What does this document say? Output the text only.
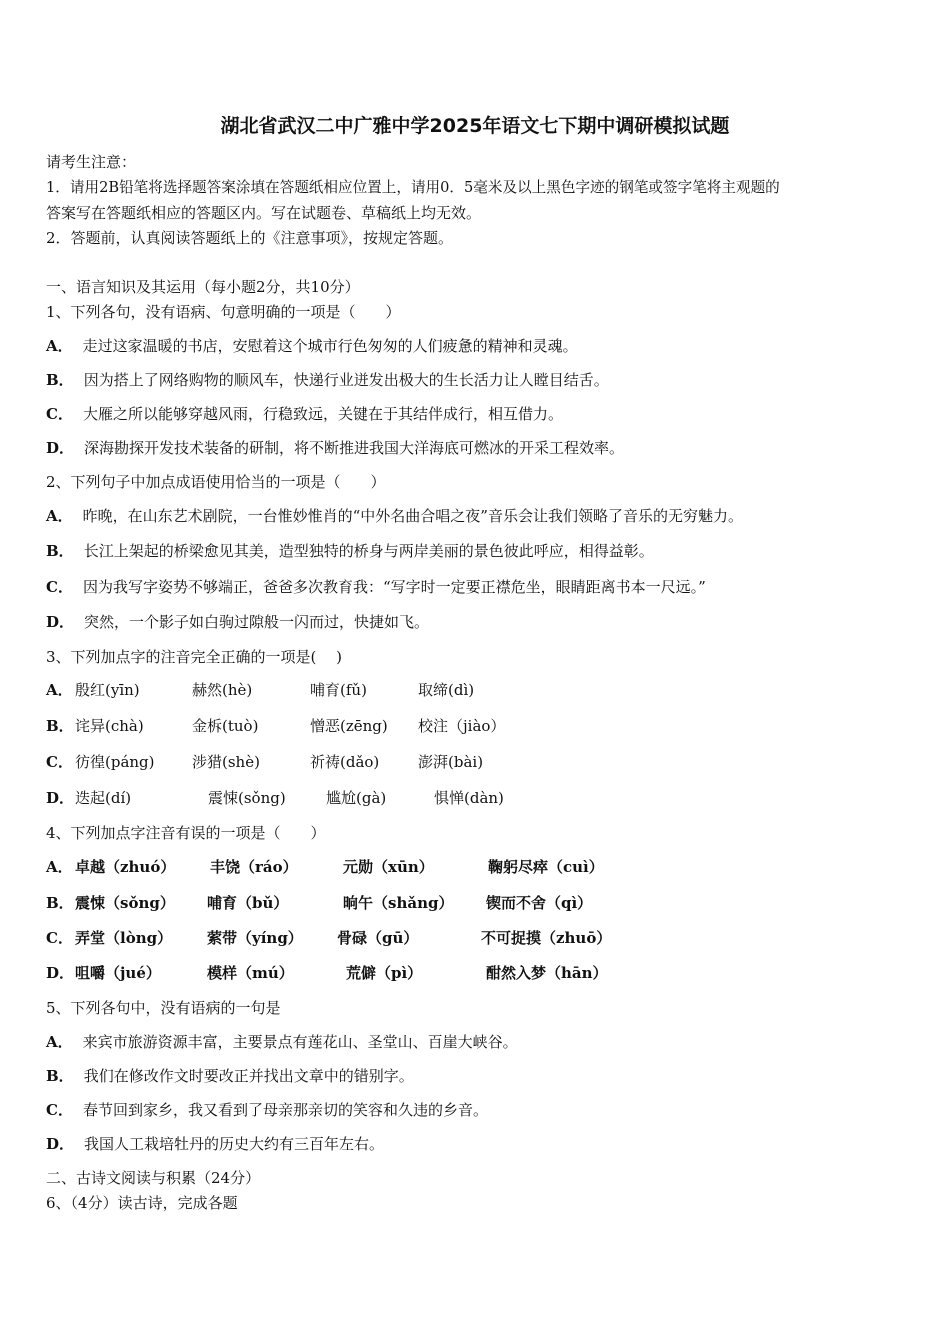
湖北省武汉二中广雅中学2025年语文七下期中调研模拟试题
请考生注意：
1．请用2B铅笔将选择题答案涂填在答题纸相应位置上，请用0．5毫米及以上黑色字迹的钢笔或签字笔将主观题的
答案写在答题纸相应的答题区内。写在试题卷、草稿纸上均无效。
2．答题前，认真阅读答题纸上的《注意事项》，按规定答题。
一、语言知识及其运用（每小题2分，共10分）
1、下列各句，没有语病、句意明确的一项是（　　）
A． 走过这家温暖的书店，安慰着这个城市行色匆匆的人们疲惫的精神和灵魂。
B． 因为搭上了网络购物的顺风车，快递行业迸发出极大的生长活力让人瞠目结舌。
C． 大雁之所以能够穿越风雨，行稳致远，关键在于其结伴成行，相互借力。
D． 深海勘探开发技术装备的研制，将不断推进我国大洋海底可燃冰的开采工程效率。
2、下列句子中加点成语使用恰当的一项是（　　）
A． 昨晚，在山东艺术剧院，一台惟妙惟肖的“中外名曲合唱之夜”音乐会让我们领略了音乐的无穷魅力。
B． 长江上架起的桥梁愈见其美，造型独特的桥身与两岸美丽的景色彼此呼应，相得益彰。
C． 因为我写字姿势不够端正，爸爸多次教育我：“写字时一定要正襟危坐，眼睛距离书本一尺远。”
D． 突然，一个影子如白驹过隙般一闪而过，快捷如飞。
3、下列加点字的注音完全正确的一项是(　 )
A． 殷红(yīn)	赫然(hè)	哺育(fǔ)	取缔(dì)
B． 诧异(chà)	金柝(tuò)	憎恶(zēng) 校注（jiào）
C． 彷徨(páng) 涉猎(shè)	祈祷(dǎo)	澎湃(bài)
D． 迭起(dí)	震悚(sǒng)	尴尬(gà)	惧惮(dàn)
4、下列加点字注音有误的一项是（　　）
A． 卓越（zhuó） 丰饶（ráo）	元勋（xūn）	鞠躬尽瘁（cuì）
B． 震悚（sǒng） 哺育（bǔ）	晌午（shǎng） 锲而不舍（qì）
C． 弄堂（lòng） 萦带（yíng） 骨碌（gū）	不可捉摸（zhuō）
D． 咀嚼（jué）	模样（mú）	荒僻（pì）	酣然入梦（hān）
5、下列各句中，没有语病的一句是
A． 来宾市旅游资源丰富，主要景点有莲花山、圣堂山、百崖大峡谷。
B． 我们在修改作文时要改正并找出文章中的错别字。
C． 春节回到家乡，我又看到了母亲那亲切的笑容和久违的乡音。
D． 我国人工栽培牡丹的历史大约有三百年左右。
二、古诗文阅读与积累（24分）
6、（4分）读古诗，完成各题
